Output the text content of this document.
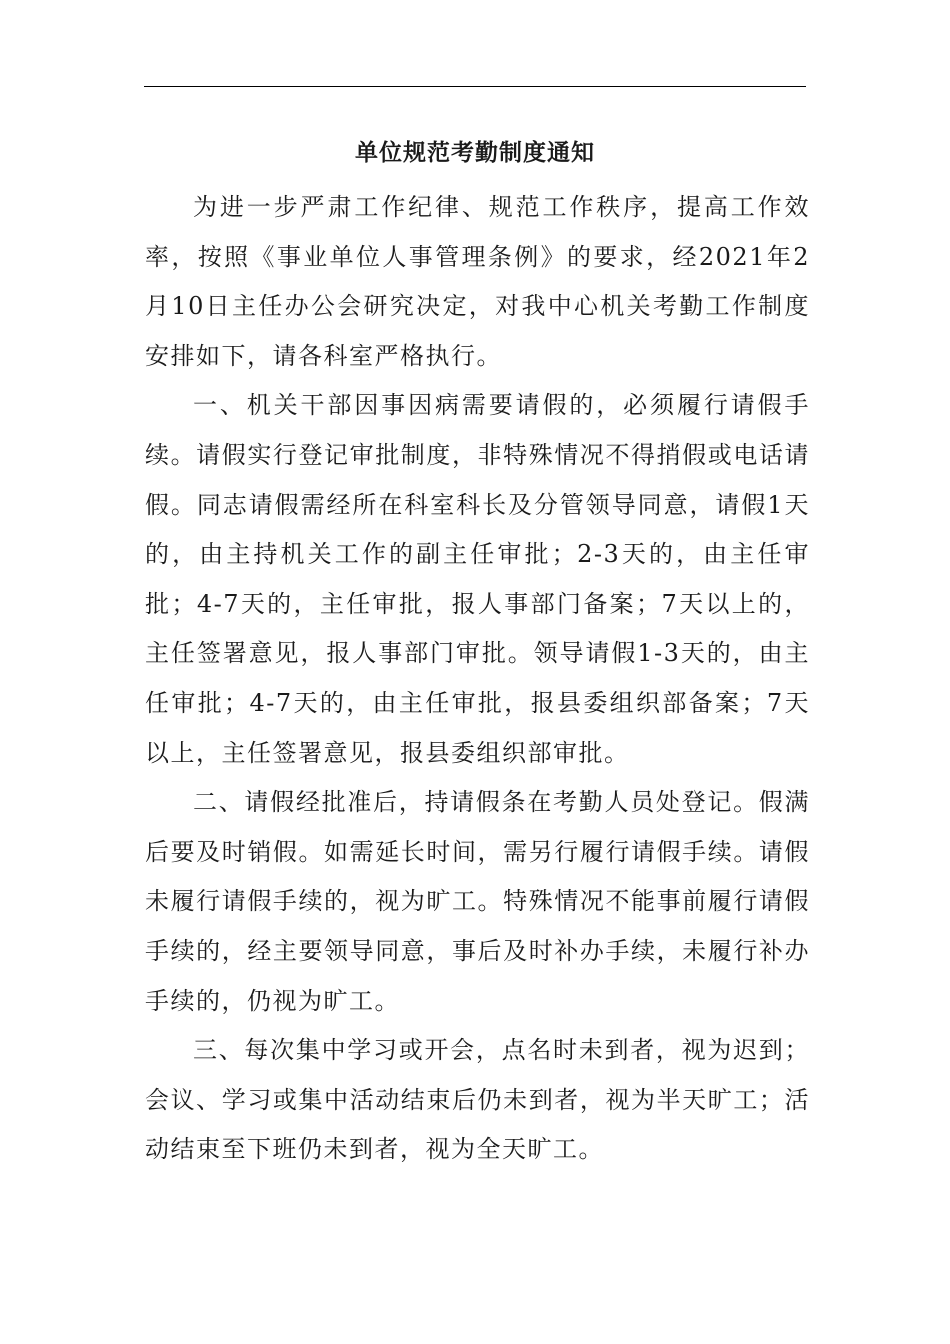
单位规范考勤制度通知

为进一步严肃工作纪律、规范工作秩序，提高工作效率，按照《事业单位人事管理条例》的要求，经2021年2月10日主任办公会研究决定，对我中心机关考勤工作制度安排如下，请各科室严格执行。

一、机关干部因事因病需要请假的，必须履行请假手续。请假实行登记审批制度，非特殊情况不得捎假或电话请假。同志请假需经所在科室科长及分管领导同意，请假1天的，由主持机关工作的副主任审批；2-3天的，由主任审批；4-7天的，主任审批，报人事部门备案；7天以上的，主任签署意见，报人事部门审批。领导请假1-3天的，由主任审批；4-7天的，由主任审批，报县委组织部备案；7天以上，主任签署意见，报县委组织部审批。

二、请假经批准后，持请假条在考勤人员处登记。假满后要及时销假。如需延长时间，需另行履行请假手续。请假未履行请假手续的，视为旷工。特殊情况不能事前履行请假手续的，经主要领导同意，事后及时补办手续，未履行补办手续的，仍视为旷工。

三、每次集中学习或开会，点名时未到者，视为迟到；会议、学习或集中活动结束后仍未到者，视为半天旷工；活动结束至下班仍未到者，视为全天旷工。
